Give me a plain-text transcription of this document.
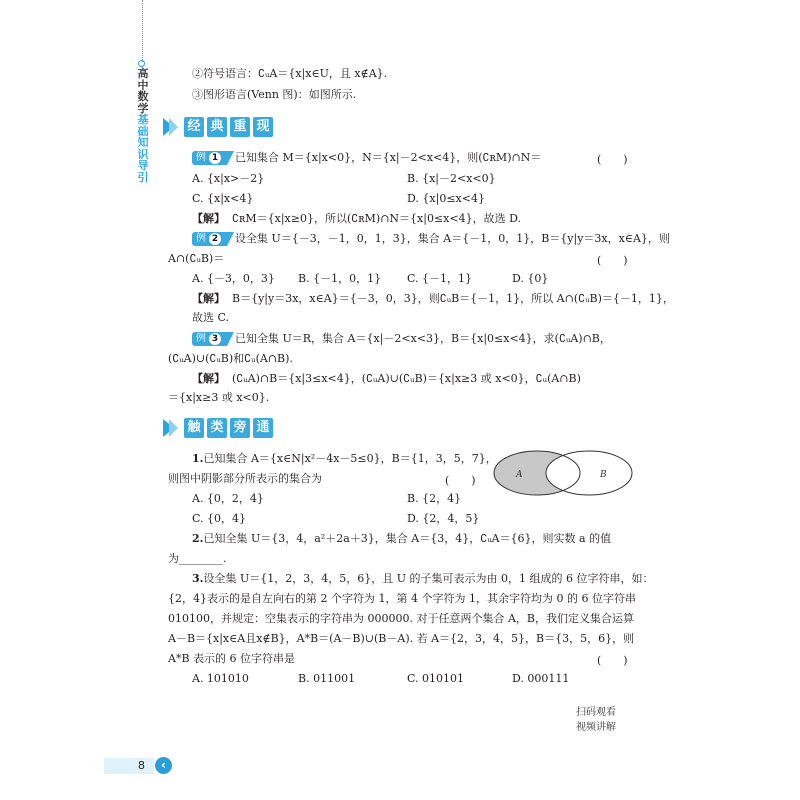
高
中
数
学
基
础
知
识
导
引
②符号语言：∁ᵤA＝{x|x∈U，且 x∉A}.
③图形语言(Venn 图)：如图所示.
经 典 重 现
例 1 已知集合 M＝{x|x<0}，N＝{x|－2<x<4}，则(∁ʀM)∩N＝	(　　)
A. {x|x>－2}	B. {x|－2<x<0}
C. {x|x<4}	D. {x|0≤x<4}
【解】 ∁ʀM＝{x|x≥0}，所以(∁ʀM)∩N＝{x|0≤x<4}，故选 D.
例 2 设全集 U＝{－3，－1，0，1，3}，集合 A＝{－1，0，1}，B＝{y|y＝3x，x∈A}，则
A∩(∁ᵤB)＝	(　　)
A. {－3，0，3} B. {－1，0，1} C. {－1，1}	D. {0}
【解】 B＝{y|y＝3x，x∈A}＝{－3，0，3}，则∁ᵤB＝{－1，1}，所以 A∩(∁ᵤB)＝{－1，1}，
故选 C.
例 3 已知全集 U＝R，集合 A＝{x|－2<x<3}，B＝{x|0≤x<4}，求(∁ᵤA)∩B，
(∁ᵤA)∪(∁ᵤB)和∁ᵤ(A∩B).
【解】 (∁ᵤA)∩B＝{x|3≤x<4}，(∁ᵤA)∪(∁ᵤB)＝{x|x≥3 或 x<0}，∁ᵤ(A∩B)
＝{x|x≥3 或 x<0}.
触 类 旁 通
1.已知集合 A＝{x∈N|x²－4x－5≤0}，B＝{1，3，5，7}，
则图中阴影部分所表示的集合为	(　　)
A. {0，2，4}	B. {2，4}
C. {0，4}	D. {2，4，5}
A	B
2.已知全集 U＝{3，4，a²＋2a＋3}，集合 A＝{3，4}，∁ᵤA＝{6}，则实数 a 的值
为________.
3.设全集 U＝{1，2，3，4，5，6}，且 U 的子集可表示为由 0，1 组成的 6 位字符串，如：
{2，4}表示的是自左向右的第 2 个字符为 1，第 4 个字符为 1，其余字符均为 0 的 6 位字符串
010100，并规定：空集表示的字符串为 000000. 对于任意两个集合 A，B，我们定义集合运算
A－B＝{x|x∈A且x∉B}，A*B＝(A－B)∪(B－A). 若 A＝{2，3，4，5}，B＝{3，5，6}，则
A*B 表示的 6 位字符串是	(　　)
A. 101010	B. 011001	C. 010101	D. 000111
扫码观看
视频讲解
8	‹
